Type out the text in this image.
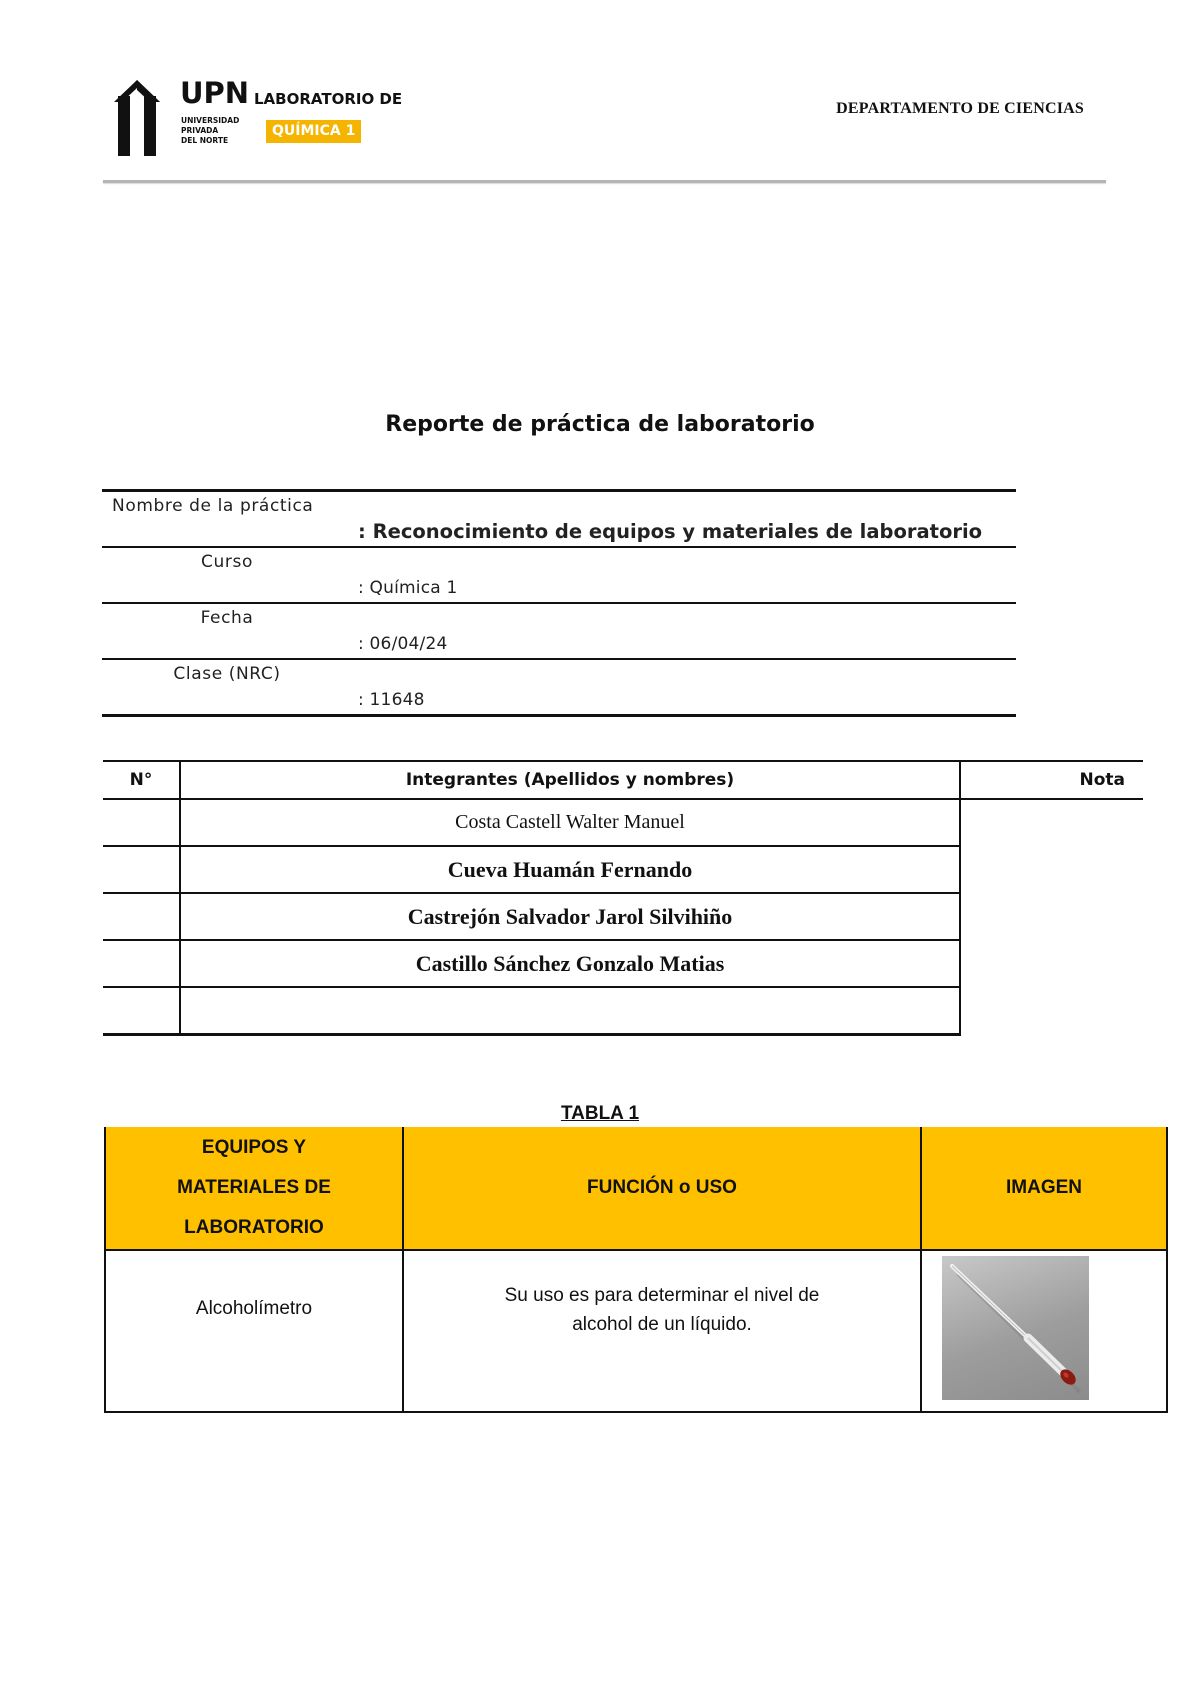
UPN
UNIVERSIDAD
PRIVADA
DEL NORTE
LABORATORIO DE
QUÍMICA 1
DEPARTAMENTO DE CIENCIAS
Reporte de práctica de laboratorio
Nombre de la práctica
: Reconocimiento de equipos y materiales de laboratorio
Curso
: Química 1
Fecha
: 06/04/24
Clase (NRC)
: 11648
N°	Integrantes (Apellidos y nombres)	Nota
	Costa Castell Walter Manuel	
	Cueva Huamán Fernando	
	Castrejón Salvador Jarol Silvihiño	
	Castillo Sánchez Gonzalo Matias	

TABLA 1
EQUIPOS Y
MATERIALES DE
LABORATORIO	FUNCIÓN o USO	IMAGEN
Alcoholímetro	Su uso es para determinar el nivel de
alcohol de un líquido.
